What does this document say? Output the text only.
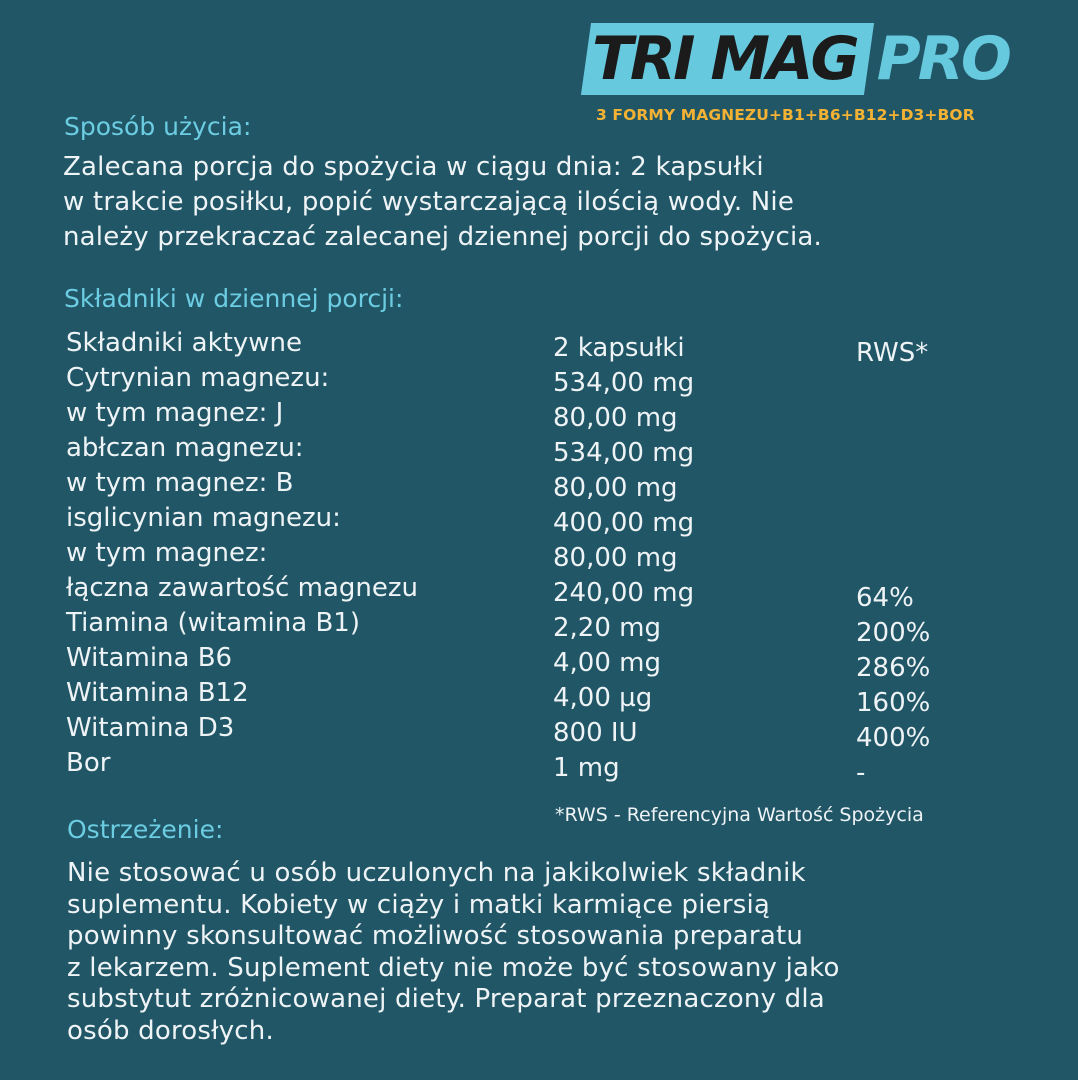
TRI MAG PRO
3 FORMY MAGNEZU+B1+B6+B12+D3+BOR
Sposób użycia:

Zalecana porcja do spożycia w ciągu dnia: 2 kapsułki
w trakcie posiłku, popić wystarczającą ilością wody. Nie
należy przekraczać zalecanej dziennej porcji do spożycia.

Składniki w dziennej porcji:
Składniki aktywne	2 kapsułki	RWS*
Cytrynian magnezu:	534,00 mg
w tym magnez: J	80,00 mg
abłczan magnezu:	534,00 mg
w tym magnez: B	80,00 mg
isglicynian magnezu:	400,00 mg
w tym magnez:	80,00 mg
łączna zawartość magnezu	240,00 mg	64%
Tiamina (witamina B1)	2,20 mg	200%
Witamina B6	4,00 mg	286%
Witamina B12	4,00 µg	160%
Witamina D3	800 IU	400%
Bor	1 mg	-
*RWS - Referencyjna Wartość Spożycia
Ostrzeżenie:

Nie stosować u osób uczulonych na jakikolwiek składnik
suplementu. Kobiety w ciąży i matki karmiące piersią
powinny skonsultować możliwość stosowania preparatu
z lekarzem. Suplement diety nie może być stosowany jako
substytut zróżnicowanej diety. Preparat przeznaczony dla
osób dorosłych.
